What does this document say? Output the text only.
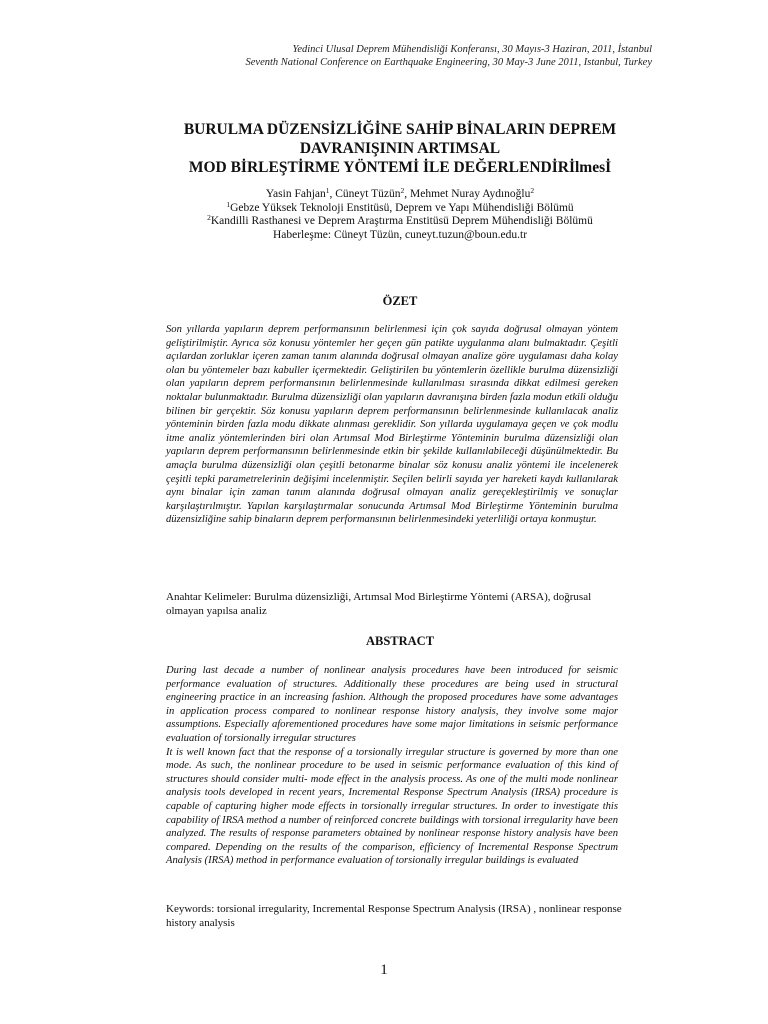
Yedinci Ulusal Deprem Mühendisliği Konferansı, 30 Mayıs-3 Haziran, 2011, İstanbul
Seventh National Conference on Earthquake Engineering, 30 May-3 June 2011, Istanbul, Turkey
BURULMA DÜZENSİZLİĞİNE SAHİP BİNALARIN DEPREM
DAVRANIŞININ ARTIMSAL
MOD BİRLEŞTİRME YÖNTEMİ İLE DEĞERLENDİRİlmesİ
Yasin Fahjan$^1$, Cüneyt Tüzün$^2$, Mehmet Nuray Aydınoğlu$^2$
$^1$Gebze Yüksek Teknoloji Enstitüsü, Deprem ve Yapı Mühendisliği Bölümü
$^2$Kandilli Rasthanesi ve Deprem Araştırma Enstitüsü Deprem Mühendisliği Bölümü
Haberleşme: Cüneyt Tüzün, cuneyt.tuzun@boun.edu.tr
ÖZET

Son yıllarda yapıların deprem performansının belirlenmesi için çok sayıda doğrusal olmayan yöntem geliştirilmiştir. Ayrıca söz konusu yöntemler her geçen gün patikte uygulanma alanı bulmaktadır. Çeşitli açılardan zorluklar içeren zaman tanım alanında doğrusal olmayan analize göre uygulaması daha kolay olan bu yöntemeler bazı kabuller içermektedir. Geliştirilen bu yöntemlerin özellikle burulma düzensizliği olan yapıların deprem performansının belirlenmesinde kullanılması sırasında dikkat edilmesi gereken noktalar bulunmaktadır. Burulma düzensizliği olan yapıların davranışına birden fazla modun etkili olduğu bilinen bir gerçektir. Söz konusu yapıların deprem performansının belirlenmesinde kullanılacak analiz yönteminin birden fazla modu dikkate alınması gereklidir. Son yıllarda uygulamaya geçen ve çok modlu itme analiz yöntemlerinden biri olan Artımsal Mod Birleştirme Yönteminin burulma düzensizliği olan yapıların deprem performansının belirlenmesinde etkin bir şekilde kullanılabileceği düşünülmektedir. Bu amaçla burulma düzensizliği olan çeşitli betonarme binalar söz konusu analiz yöntemi ile incelenerek çeşitli tepki parametrelerinin değişimi incelenmiştir. Seçilen belirli sayıda yer hareketi kaydı kullanılarak aynı binalar için zaman tanım alanında doğrusal olmayan analiz gereçekleştirilmiş ve sonuçlar karşılaştırılmıştır. Yapılan karşılaştırmalar sonucunda Artımsal Mod Birleştirme Yönteminin burulma düzensizliğine sahip binaların deprem performansının belirlenmesindeki yeterliliği ortaya konmuştur.

Anahtar Kelimeler: Burulma düzensizliği, Artımsal Mod Birleştirme Yöntemi (ARSA), doğrusal olmayan yapılsa analiz
ABSTRACT

During last decade a number of nonlinear analysis procedures have been introduced for seismic performance evaluation of structures. Additionally these procedures are being used in structural engineering practice in an increasing fashion. Although the proposed procedures have some advantages in application process compared to nonlinear response history analysis, they involve some major assumptions. Especially aforementioned procedures have some major limitations in seismic performance evaluation of torsionally irregular structures

It is well known fact that the response of a torsionally irregular structure is governed by more than one mode. As such, the nonlinear procedure to be used in seismic performance evaluation of this kind of structures should consider multi- mode effect in the analysis process. As one of the multi mode nonlinear analysis tools developed in recent years, Incremental Response Spectrum Analysis (IRSA) procedure is capable of capturing higher mode effects in torsionally irregular structures. In order to investigate this capability of IRSA method a number of reinforced concrete buildings with torsional irregularity have been analyzed. The results of response parameters obtained by nonlinear response history analysis have been compared. Depending on the results of the comparison, efficiency of Incremental Response Spectrum Analysis (IRSA) method in performance evaluation of torsionally irregular buildings is evaluated

Keywords: torsional irregularity, Incremental Response Spectrum Analysis (IRSA) , nonlinear response history analysis
1
